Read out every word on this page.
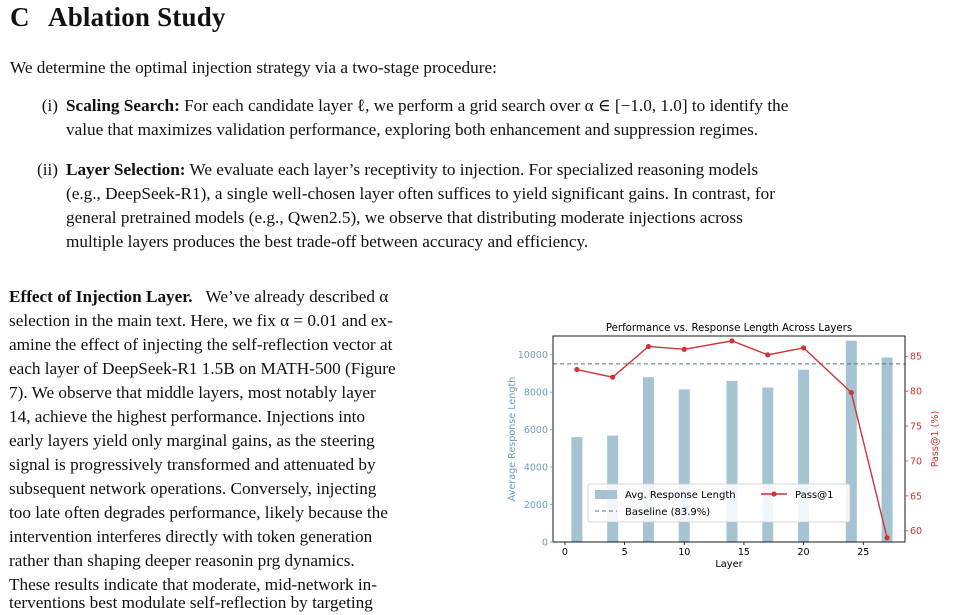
C Ablation Study
We determine the optimal injection strategy via a two-stage procedure:
(i) Scaling Search: For each candidate layer ℓ, we perform a grid search over α ∈ [−1.0, 1.0] to identify the
value that maximizes validation performance, exploring both enhancement and suppression regimes.
(ii) Layer Selection: We evaluate each layer’s receptivity to injection. For specialized reasoning models
(e.g., DeepSeek-R1), a single well-chosen layer often suffices to yield significant gains. In contrast, for
general pretrained models (e.g., Qwen2.5), we observe that distributing moderate injections across
multiple layers produces the best trade-off between accuracy and efficiency.
Effect of Injection Layer. We’ve already described α
selection in the main text. Here, we fix α = 0.01 and ex-
amine the effect of injecting the self-reflection vector at
each layer of DeepSeek-R1 1.5B on MATH-500 (Figure
7). We observe that middle layers, most notably layer
14, achieve the highest performance. Injections into
early layers yield only marginal gains, as the steering
signal is progressively transformed and attenuated by
subsequent network operations. Conversely, injecting
too late often degrades performance, likely because the
intervention interferes directly with token generation
rather than shaping deeper reasonin prg dynamics.
These results indicate that moderate, mid-network in-
terventions best modulate self-reflection by targeting
0	5	10	15	20	25
0
2000
4000
6000
8000
10000
60
65
70
75
80
85
Performance vs. Response Length Across Layers
Layer
Average Response Length	Pass@1 (%)
Avg. Response Length
Baseline (83.9%)
Pass@1
